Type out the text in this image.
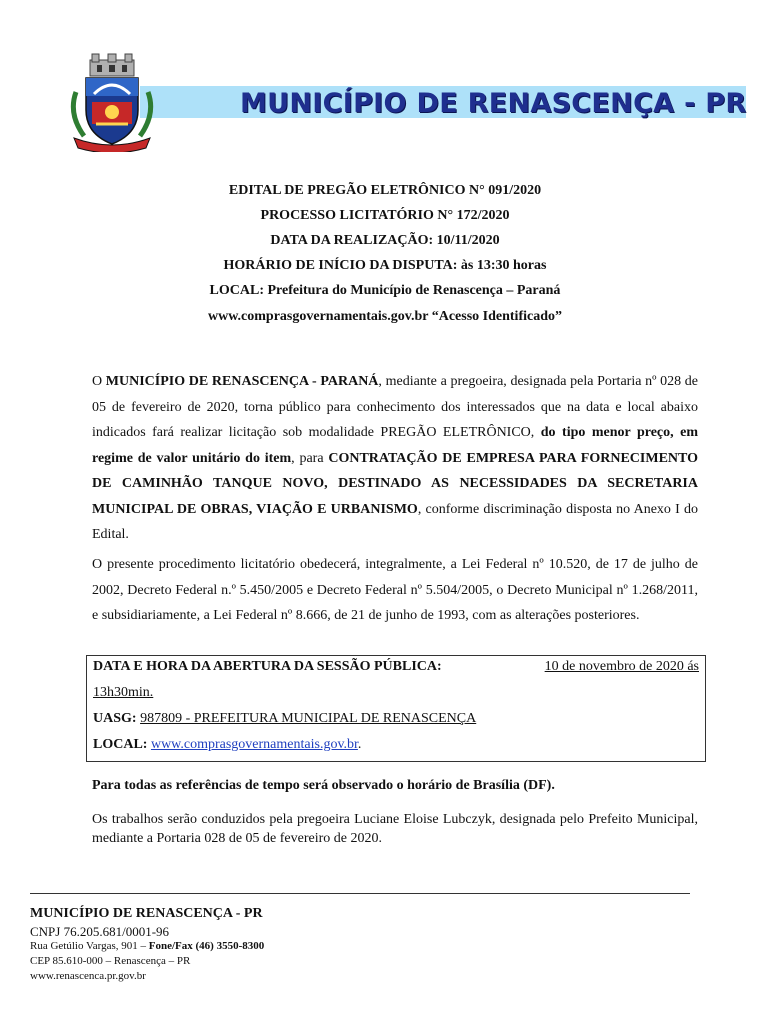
MUNICÍPIO DE RENASCENÇA - PR
EDITAL DE PREGÃO ELETRÔNICO N° 091/2020
PROCESSO LICITATÓRIO N° 172/2020
DATA DA REALIZAÇÃO: 10/11/2020
HORÁRIO DE INÍCIO DA DISPUTA: às 13:30 horas
LOCAL: Prefeitura do Município de Renascença – Paraná
www.comprasgovernamentais.gov.br “Acesso Identificado”
O MUNICÍPIO DE RENASCENÇA - PARANÁ, mediante a pregoeira, designada pela Portaria nº 028 de 05 de fevereiro de 2020, torna público para conhecimento dos interessados que na data e local abaixo indicados fará realizar licitação sob modalidade PREGÃO ELETRÔNICO, do tipo menor preço, em regime de valor unitário do item, para CONTRATAÇÃO DE EMPRESA PARA FORNECIMENTO DE CAMINHÃO TANQUE NOVO, DESTINADO AS NECESSIDADES DA SECRETARIA MUNICIPAL DE OBRAS, VIAÇÃO E URBANISMO, conforme discriminação disposta no Anexo I do Edital.
O presente procedimento licitatório obedecerá, integralmente, a Lei Federal nº 10.520, de 17 de julho de 2002, Decreto Federal n.º 5.450/2005 e Decreto Federal nº 5.504/2005, o Decreto Municipal nº 1.268/2011, e subsidiariamente, a Lei Federal nº 8.666, de 21 de junho de 1993, com as alterações posteriores.
DATA E HORA DA ABERTURA DA SESSÃO PÚBLICA:	10 de novembro de 2020 ás
13h30min.
UASG: 987809 - PREFEITURA MUNICIPAL DE RENASCENÇA
LOCAL: www.comprasgovernamentais.gov.br.
Para todas as referências de tempo será observado o horário de Brasília (DF).
Os trabalhos serão conduzidos pela pregoeira Luciane Eloise Lubczyk, designada pelo Prefeito Municipal, mediante a Portaria 028 de 05 de fevereiro de 2020.
MUNICÍPIO DE RENASCENÇA - PR
CNPJ 76.205.681/0001-96
Rua Getúlio Vargas, 901 – Fone/Fax (46) 3550-8300
CEP 85.610-000 – Renascença – PR
www.renascenca.pr.gov.br
